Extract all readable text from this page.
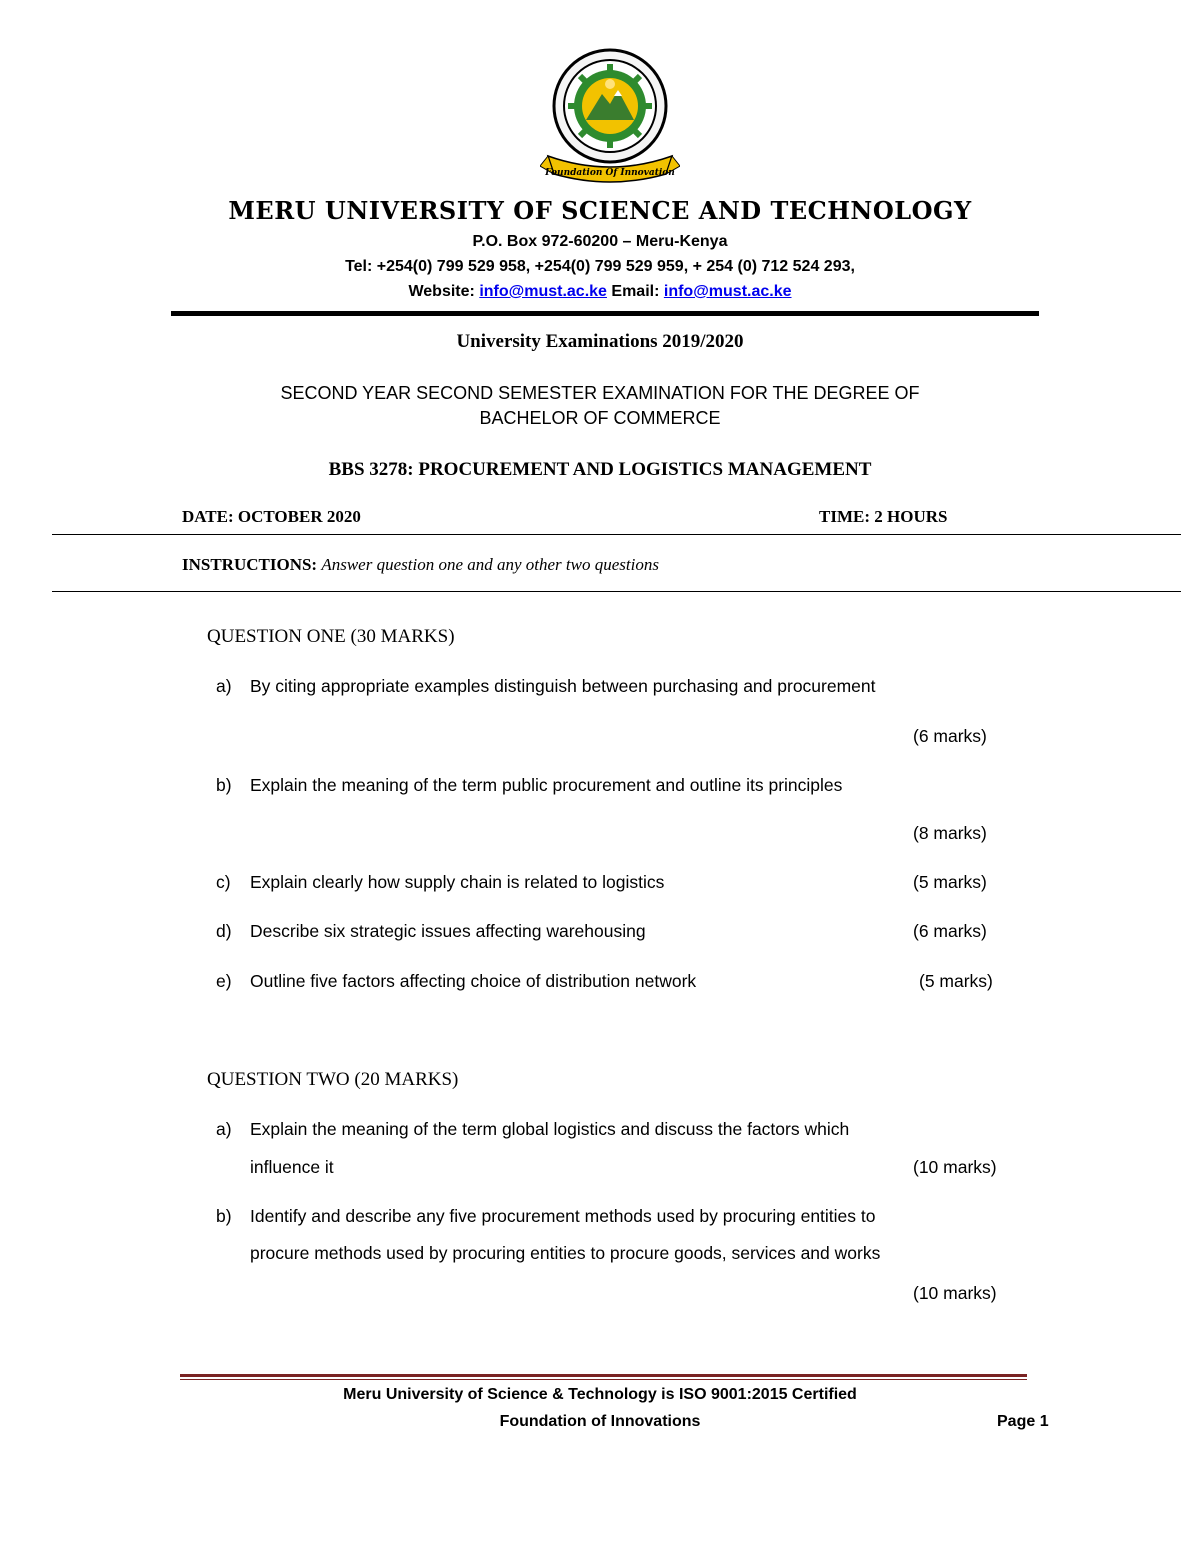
Foundation Of Innovation
MERU UNIVERSITY OF SCIENCE AND TECHNOLOGY
P.O. Box 972-60200 – Meru-Kenya
Tel: +254(0) 799 529 958, +254(0) 799 529 959, + 254 (0) 712 524 293,
Website: info@must.ac.ke Email: info@must.ac.ke
University Examinations 2019/2020
SECOND YEAR SECOND SEMESTER EXAMINATION FOR THE DEGREE OF
BACHELOR OF COMMERCE
BBS 3278: PROCUREMENT AND LOGISTICS MANAGEMENT
DATE: OCTOBER 2020	TIME: 2 HOURS
INSTRUCTIONS: Answer question one and any other two questions
QUESTION ONE (30 MARKS)
a) By citing appropriate examples distinguish between purchasing and procurement
(6 marks)
b) Explain the meaning of the term public procurement and outline its principles
(8 marks)
c) Explain clearly how supply chain is related to logistics	(5 marks)
d) Describe six strategic issues affecting warehousing	(6 marks)
e) Outline five factors affecting choice of distribution network	(5 marks)
QUESTION TWO (20 MARKS)
a) Explain the meaning of the term global logistics and discuss the factors which
influence it	(10 marks)
b) Identify and describe any five procurement methods used by procuring entities to
procure methods used by procuring entities to procure goods, services and works
(10 marks)
Meru University of Science & Technology is ISO 9001:2015 Certified
Foundation of Innovations	Page 1
